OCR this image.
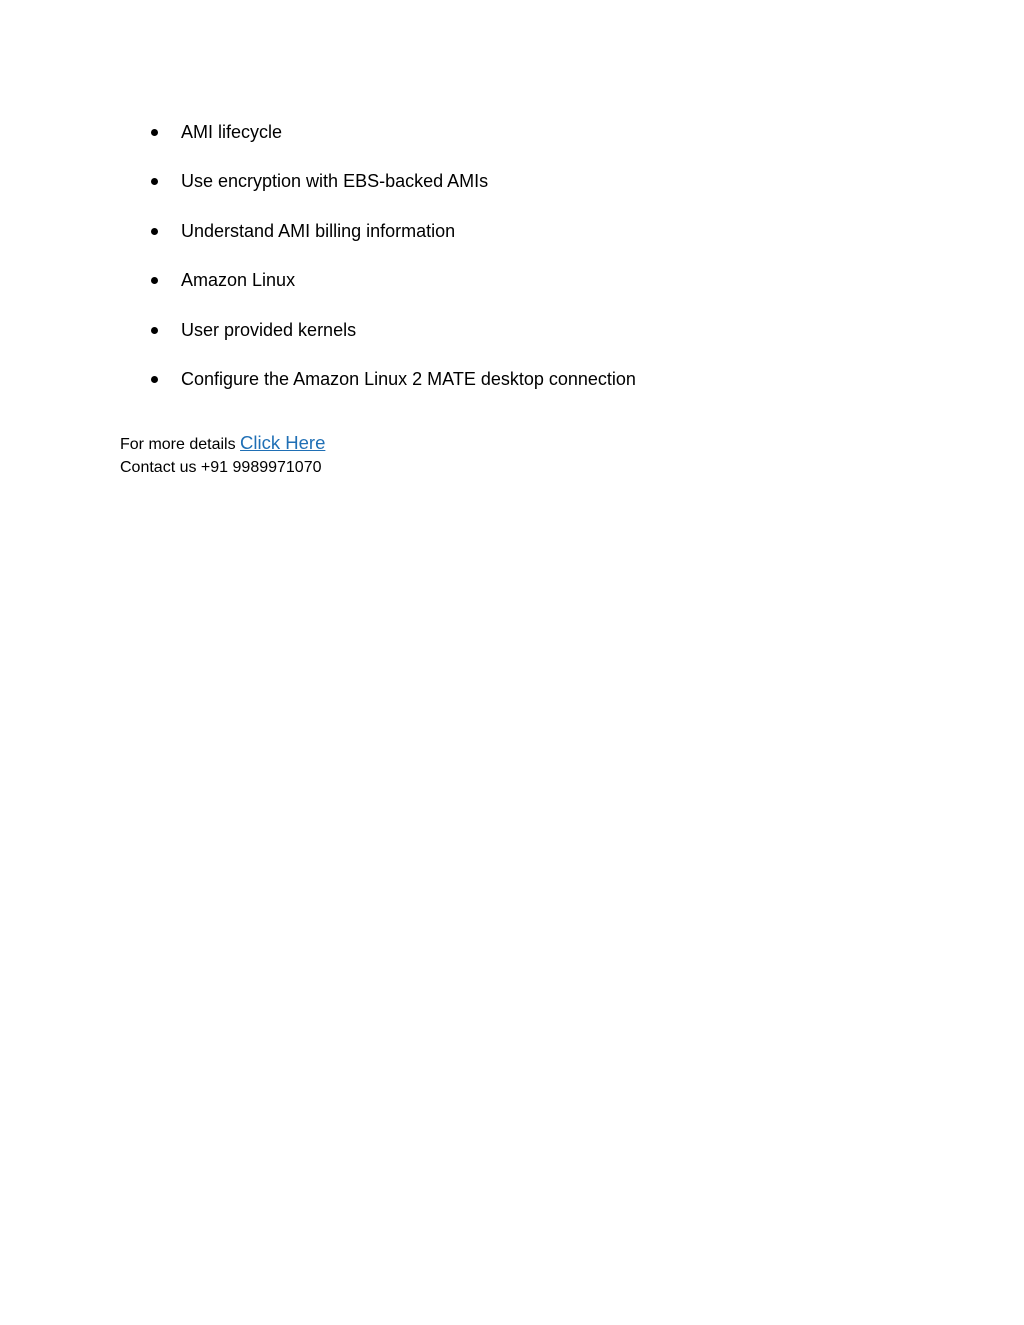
AMI lifecycle
Use encryption with EBS-backed AMIs
Understand AMI billing information
Amazon Linux
User provided kernels
Configure the Amazon Linux 2 MATE desktop connection
For more details Click Here
Contact us +91 9989971070
